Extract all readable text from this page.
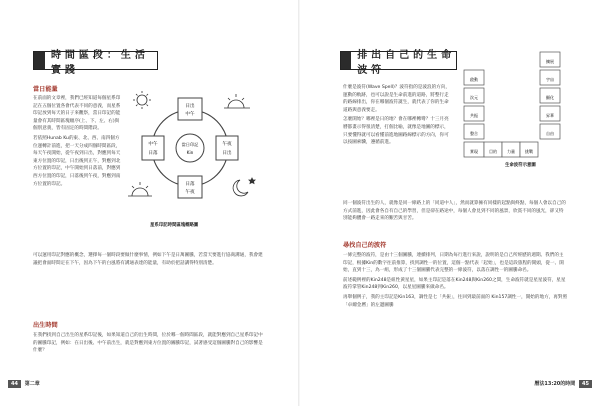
時間區段：生活實踐
當日能量

在前面的文章裡，我們已經知道每個星系印記在五個位置各會代表不同的意義，而星系印記放到每天的日子來觀察，當日印記的能量會有其時間區塊順序(上、下、左、右)與個別意義，皆有固定的時間階段。

若依照Hunab Ku的東、北、西、南四個方位運轉計前進，把一天分成四個時間區段，每天午夜開始，從午夜到日出，對應到每天東方位置的印記，日出後到正午，對應到北方位置的印記，中午開始到日落前，對應到西方位置的印記，日落後到午夜，對應到南方位置的印記。

可以運用印記對應的概念，選擇每一個時段要做什麼事情，例如下午是日萬圖騰，若當天要進行協商溝通，我會建議把會面時間定在下午，因為下午的白風將有溝通表達的能量，有助於把話講得特別清楚。

日出
中午
午夜
日出
中午
日落
日落
午夜
當日印記
Kin
星系印記時間區塊概略圖
出生時間

在我們找到自己出生的星系印記後，如果知道自己的出生時間，位於哪一個時間區段，就能對應到自己星系印記中的圖騰印記，例如：在日出後、中午前出生，就是對應到東方位置的圖騰印記，試著感受這個圖騰對自己的影響是什麼？

44 第二章
排出自己的生命波符

什麼是波符(Wave Spell)？波符指的是波浪的方向，運動的軌跡，也可以說是生命前進的道路，將整行走的路線排出，你在哪個波符誕生，就代表了你的生命道路與意義要走。

怎麼開始？哪裡是日的地？會在哪裡轉彎？十三月亮曆都畫示得很清楚，打個比喻，就像是地圖的標示，只要懂得就可以看懂前進地圖路線標示的方向，你可以按圖索驥，遵循前進。

同一個波符出生的人，就像是同一條路上的「同道中人」，然而就算擁有同樣的起點與終點，每個人會以自己的方式前進，因此會各自有自己的學習，但是卻在路途中，每個人會見到不同的風景，欣賞不同的風光，卻又特別能夠體會一路走來的艱苦與甘苦。

擴展
宇宙
顯化
昇華
自由
啟動
次元
共振
整合
實現	目的	力量	挑戰
生命波符示意圖
尋找自己的波符

一條完整的波符，是由十三個圖騰，連續排列，日期為每行進行來說，說明的是自己所經歷的週期。我們的主印記，根據Kin的數字往前推算，找到調性一的位置，這個一點代表「起始」，也是這段旅程的開頭，從一、開始，直到十三，為一組，形成了十三個圖騰代表完整的一條波符，以落在調性一的圖騰命名。

前述範例裡的Kin248是紐性黃星星，如果主印記是落在Kin248與Kin260之間，生命波符就是星星波符，星星波符掌管Kin248到Kin260，以星星圖騰來做命名。

再舉個例子，我的主印記是Kin163，調性是七「共振」，往回到最前面的 Kin157調性一，開始的地方，再對照「卓爾金曆」的左邊圖騰

曆法13:20的時間 45
